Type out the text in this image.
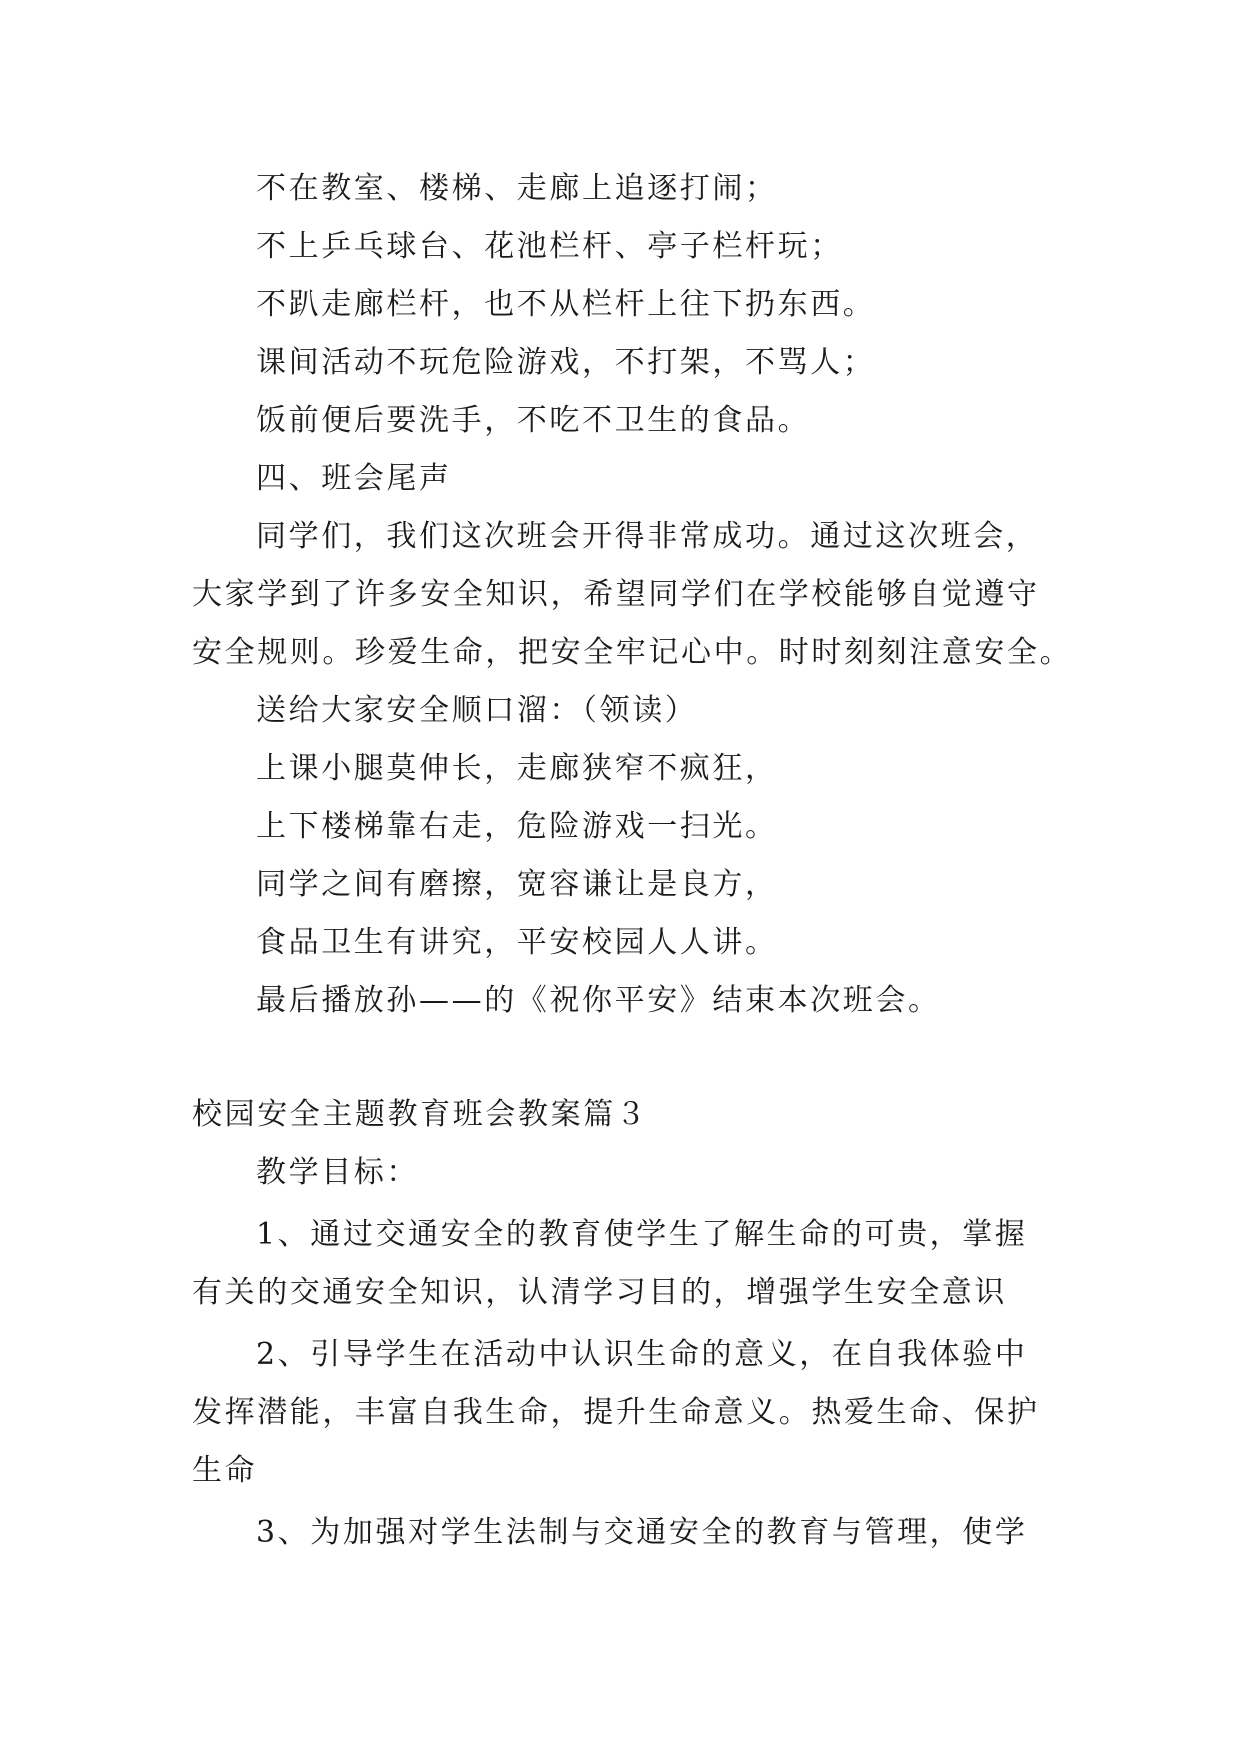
不在教室、楼梯、走廊上追逐打闹；
不上乒乓球台、花池栏杆、亭子栏杆玩；
不趴走廊栏杆，也不从栏杆上往下扔东西。
课间活动不玩危险游戏，不打架，不骂人；
饭前便后要洗手，不吃不卫生的食品。
四、班会尾声
同学们，我们这次班会开得非常成功。通过这次班会，
大家学到了许多安全知识，希望同学们在学校能够自觉遵守
安全规则。珍爱生命，把安全牢记心中。时时刻刻注意安全。
送给大家安全顺口溜：（领读）
上课小腿莫伸长，走廊狭窄不疯狂，
上下楼梯靠右走，危险游戏一扫光。
同学之间有磨擦，宽容谦让是良方，
食品卫生有讲究，平安校园人人讲。
最后播放孙——的《祝你平安》结束本次班会。
校园安全主题教育班会教案篇３
教学目标：
1、通过交通安全的教育使学生了解生命的可贵，掌握
有关的交通安全知识，认清学习目的，增强学生安全意识
2、引导学生在活动中认识生命的意义，在自我体验中
发挥潜能，丰富自我生命，提升生命意义。热爱生命、保护
生命
3、为加强对学生法制与交通安全的教育与管理，使学
